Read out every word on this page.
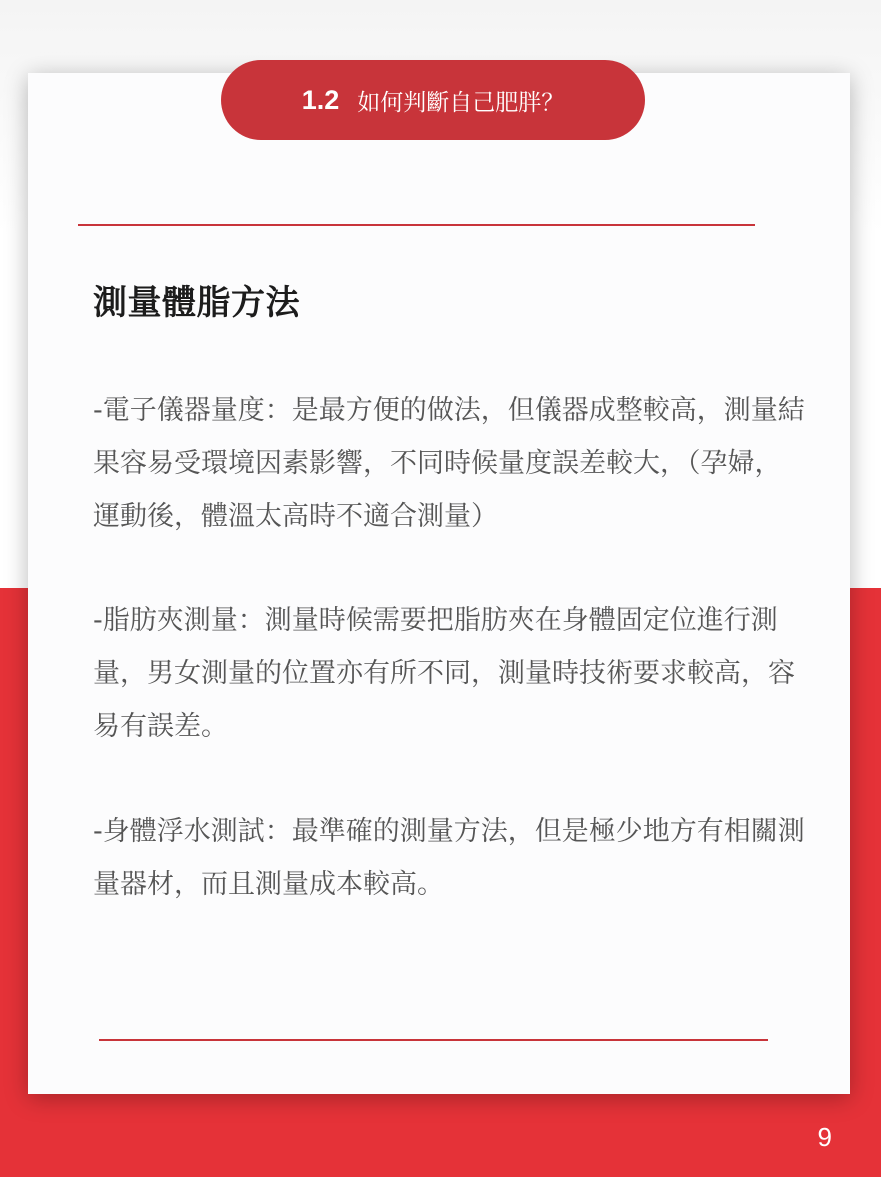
1.2 如何判斷自己肥胖？
測量體脂方法

-電子儀器量度：是最方便的做法，但儀器成整較高，測量結果容易受環境因素影響，不同時候量度誤差較大，（孕婦，運動後，體溫太高時不適合測量）

-脂肪夾測量：測量時候需要把脂肪夾在身體固定位進行測量，男女測量的位置亦有所不同，測量時技術要求較高，容易有誤差。

-身體浮水測試：最準確的測量方法，但是極少地方有相關測量器材，而且測量成本較高。

9
